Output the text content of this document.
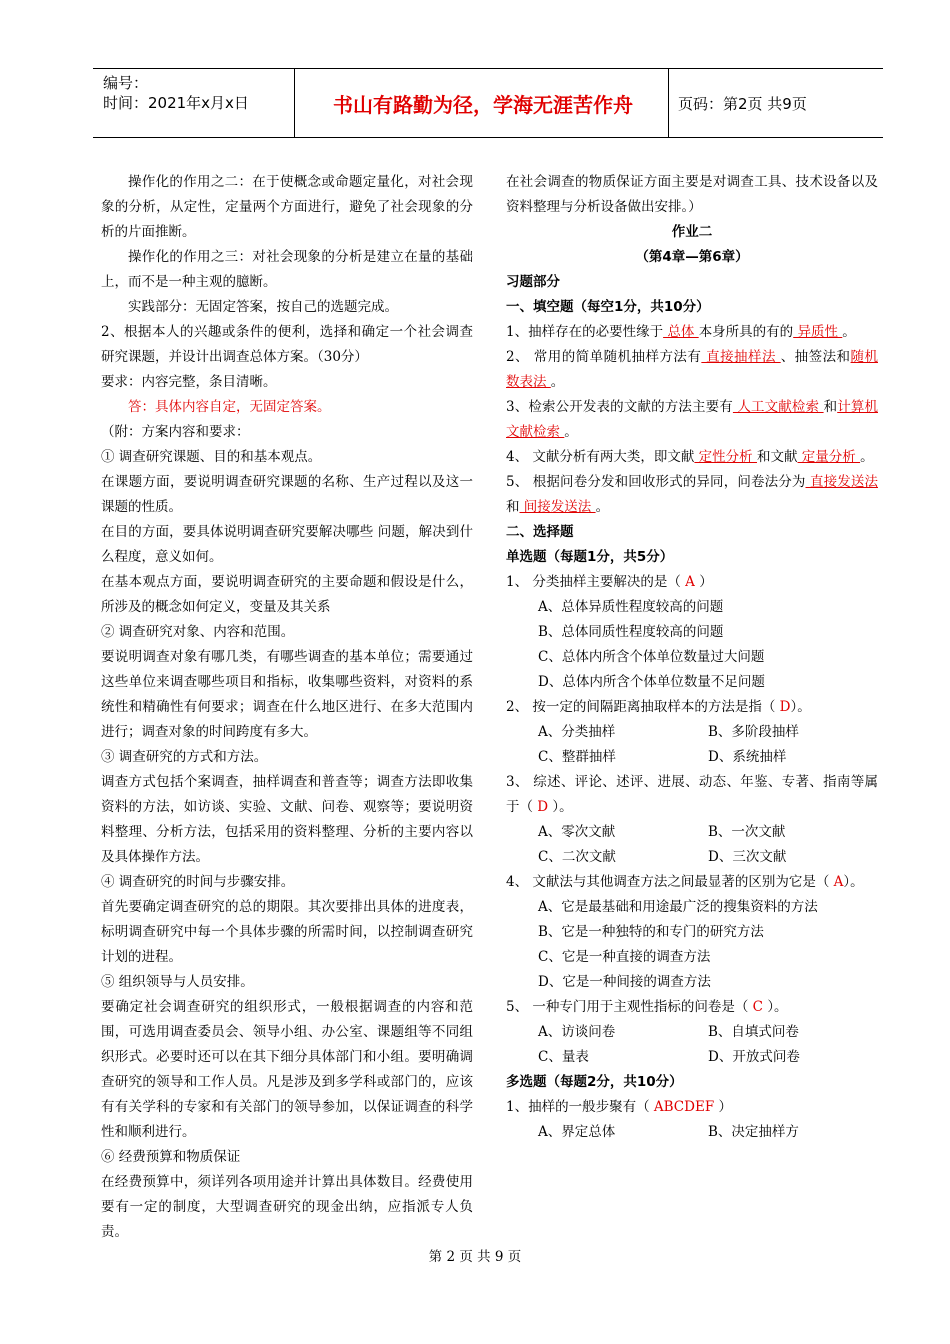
编号：
时间：2021年x月x日	书山有路勤为径，学海无涯苦作舟	页码：第2页 共9页

操作化的作用之二：在于使概念或命题定量化，对社会现象的分析，从定性，定量两个方面进行，避免了社会现象的分析的片面推断。

操作化的作用之三：对社会现象的分析是建立在量的基础上，而不是一种主观的臆断。

实践部分：无固定答案，按自己的选题完成。

2、根据本人的兴趣或条件的便利，选择和确定一个社会调查研究课题，并设计出调查总体方案。（30分）

要求：内容完整，条目清晰。

答：具体内容自定，无固定答案。

（附：方案内容和要求：

① 调查研究课题、目的和基本观点。

在课题方面，要说明调查研究课题的名称、生产过程以及这一课题的性质。

在目的方面，要具体说明调查研究要解决哪些 问题，解决到什么程度，意义如何。

在基本观点方面，要说明调查研究的主要命题和假设是什么，所涉及的概念如何定义，变量及其关系

② 调查研究对象、内容和范围。

要说明调查对象有哪几类，有哪些调查的基本单位；需要通过这些单位来调查哪些项目和指标，收集哪些资料，对资料的系统性和精确性有何要求；调查在什么地区进行、在多大范围内进行；调查对象的时间跨度有多大。

③ 调查研究的方式和方法。

调查方式包括个案调查，抽样调查和普查等；调查方法即收集资料的方法，如访谈、实验、文献、问卷、观察等；要说明资料整理、分析方法，包括采用的资料整理、分析的主要内容以及具体操作方法。

④ 调查研究的时间与步骤安排。

首先要确定调查研究的总的期限。其次要排出具体的进度表，标明调查研究中每一个具体步骤的所需时间，以控制调查研究计划的进程。

⑤ 组织领导与人员安排。

要确定社会调查研究的组织形式，一般根据调查的内容和范围，可选用调查委员会、领导小组、办公室、课题组等不同组织形式。必要时还可以在其下细分具体部门和小组。要明确调查研究的领导和工作人员。凡是涉及到多学科或部门的，应该有有关学科的专家和有关部门的领导参加，以保证调查的科学性和顺利进行。

⑥ 经费预算和物质保证

在经费预算中，须详列各项用途并计算出具体数目。经费使用要有一定的制度，大型调查研究的现金出纳，应指派专人负责。

在社会调查的物质保证方面主要是对调查工具、技术设备以及资料整理与分析设备做出安排。）

作业二

（第4章—第6章）

习题部分

一、填空题（每空1分，共10分）

1、抽样存在的必要性缘于 总体 本身所具的有的 异质性 。

2、 常用的简单随机抽样方法有 直接抽样法 、抽签法和随机数表法 。

3、检索公开发表的文献的方法主要有 人工文献检索 和计算机文献检索 。

4、 文献分析有两大类，即文献 定性分析 和文献 定量分析 。

5、 根据问卷分发和回收形式的异同，问卷法分为 直接发送法 和 间接发送法 。

二、选择题

单选题（每题1分，共5分）

1、 分类抽样主要解决的是（ A ）

A、总体异质性程度较高的问题

B、总体同质性程度较高的问题

C、总体内所含个体单位数量过大问题

D、总体内所含个体单位数量不足问题

2、 按一定的间隔距离抽取样本的方法是指（ D）。

A、分类抽样	B、多阶段抽样

C、整群抽样	D、系统抽样

3、 综述、评论、述评、进展、动态、年鉴、专著、指南等属于（ D ）。

A、零次文献	B、一次文献

C、二次文献	D、三次文献

4、 文献法与其他调查方法之间最显著的区别为它是（ A）。

A、它是最基础和用途最广泛的搜集资料的方法

B、它是一种独特的和专门的研究方法

C、它是一种直接的调查方法

D、它是一种间接的调查方法

5、 一种专门用于主观性指标的问卷是（ C ）。

A、访谈问卷	B、自填式问卷

C、量表	D、开放式问卷

多选题（每题2分，共10分）

1、抽样的一般步聚有（ ABCDEF ）

A、界定总体	B、决定抽样方

第 2 页 共 9 页
